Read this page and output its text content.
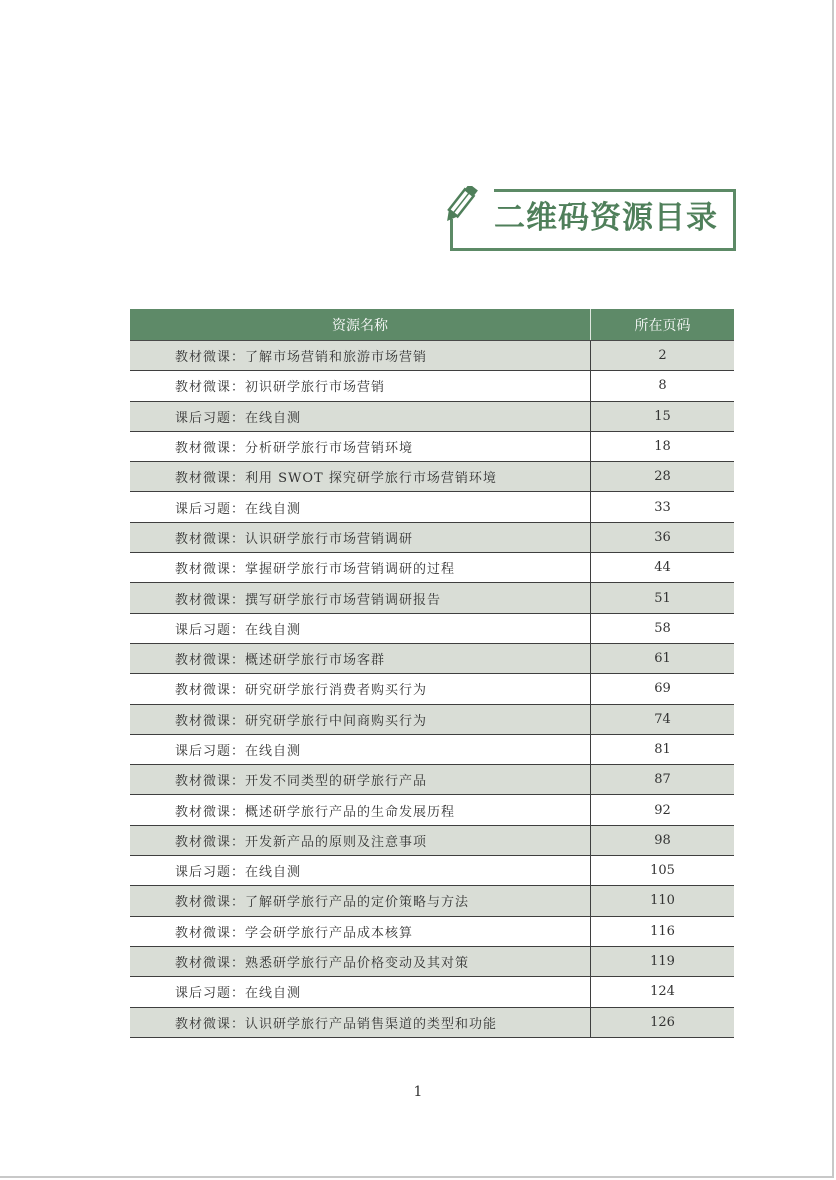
二维码资源目录
资源名称	所在页码
教材微课：了解市场营销和旅游市场营销	2
教材微课：初识研学旅行市场营销	8
课后习题：在线自测	15
教材微课：分析研学旅行市场营销环境	18
教材微课：利用 SWOT 探究研学旅行市场营销环境	28
课后习题：在线自测	33
教材微课：认识研学旅行市场营销调研	36
教材微课：掌握研学旅行市场营销调研的过程	44
教材微课：撰写研学旅行市场营销调研报告	51
课后习题：在线自测	58
教材微课：概述研学旅行市场客群	61
教材微课：研究研学旅行消费者购买行为	69
教材微课：研究研学旅行中间商购买行为	74
课后习题：在线自测	81
教材微课：开发不同类型的研学旅行产品	87
教材微课：概述研学旅行产品的生命发展历程	92
教材微课：开发新产品的原则及注意事项	98
课后习题：在线自测	105
教材微课：了解研学旅行产品的定价策略与方法	110
教材微课：学会研学旅行产品成本核算	116
教材微课：熟悉研学旅行产品价格变动及其对策	119
课后习题：在线自测	124
教材微课：认识研学旅行产品销售渠道的类型和功能	126
1
